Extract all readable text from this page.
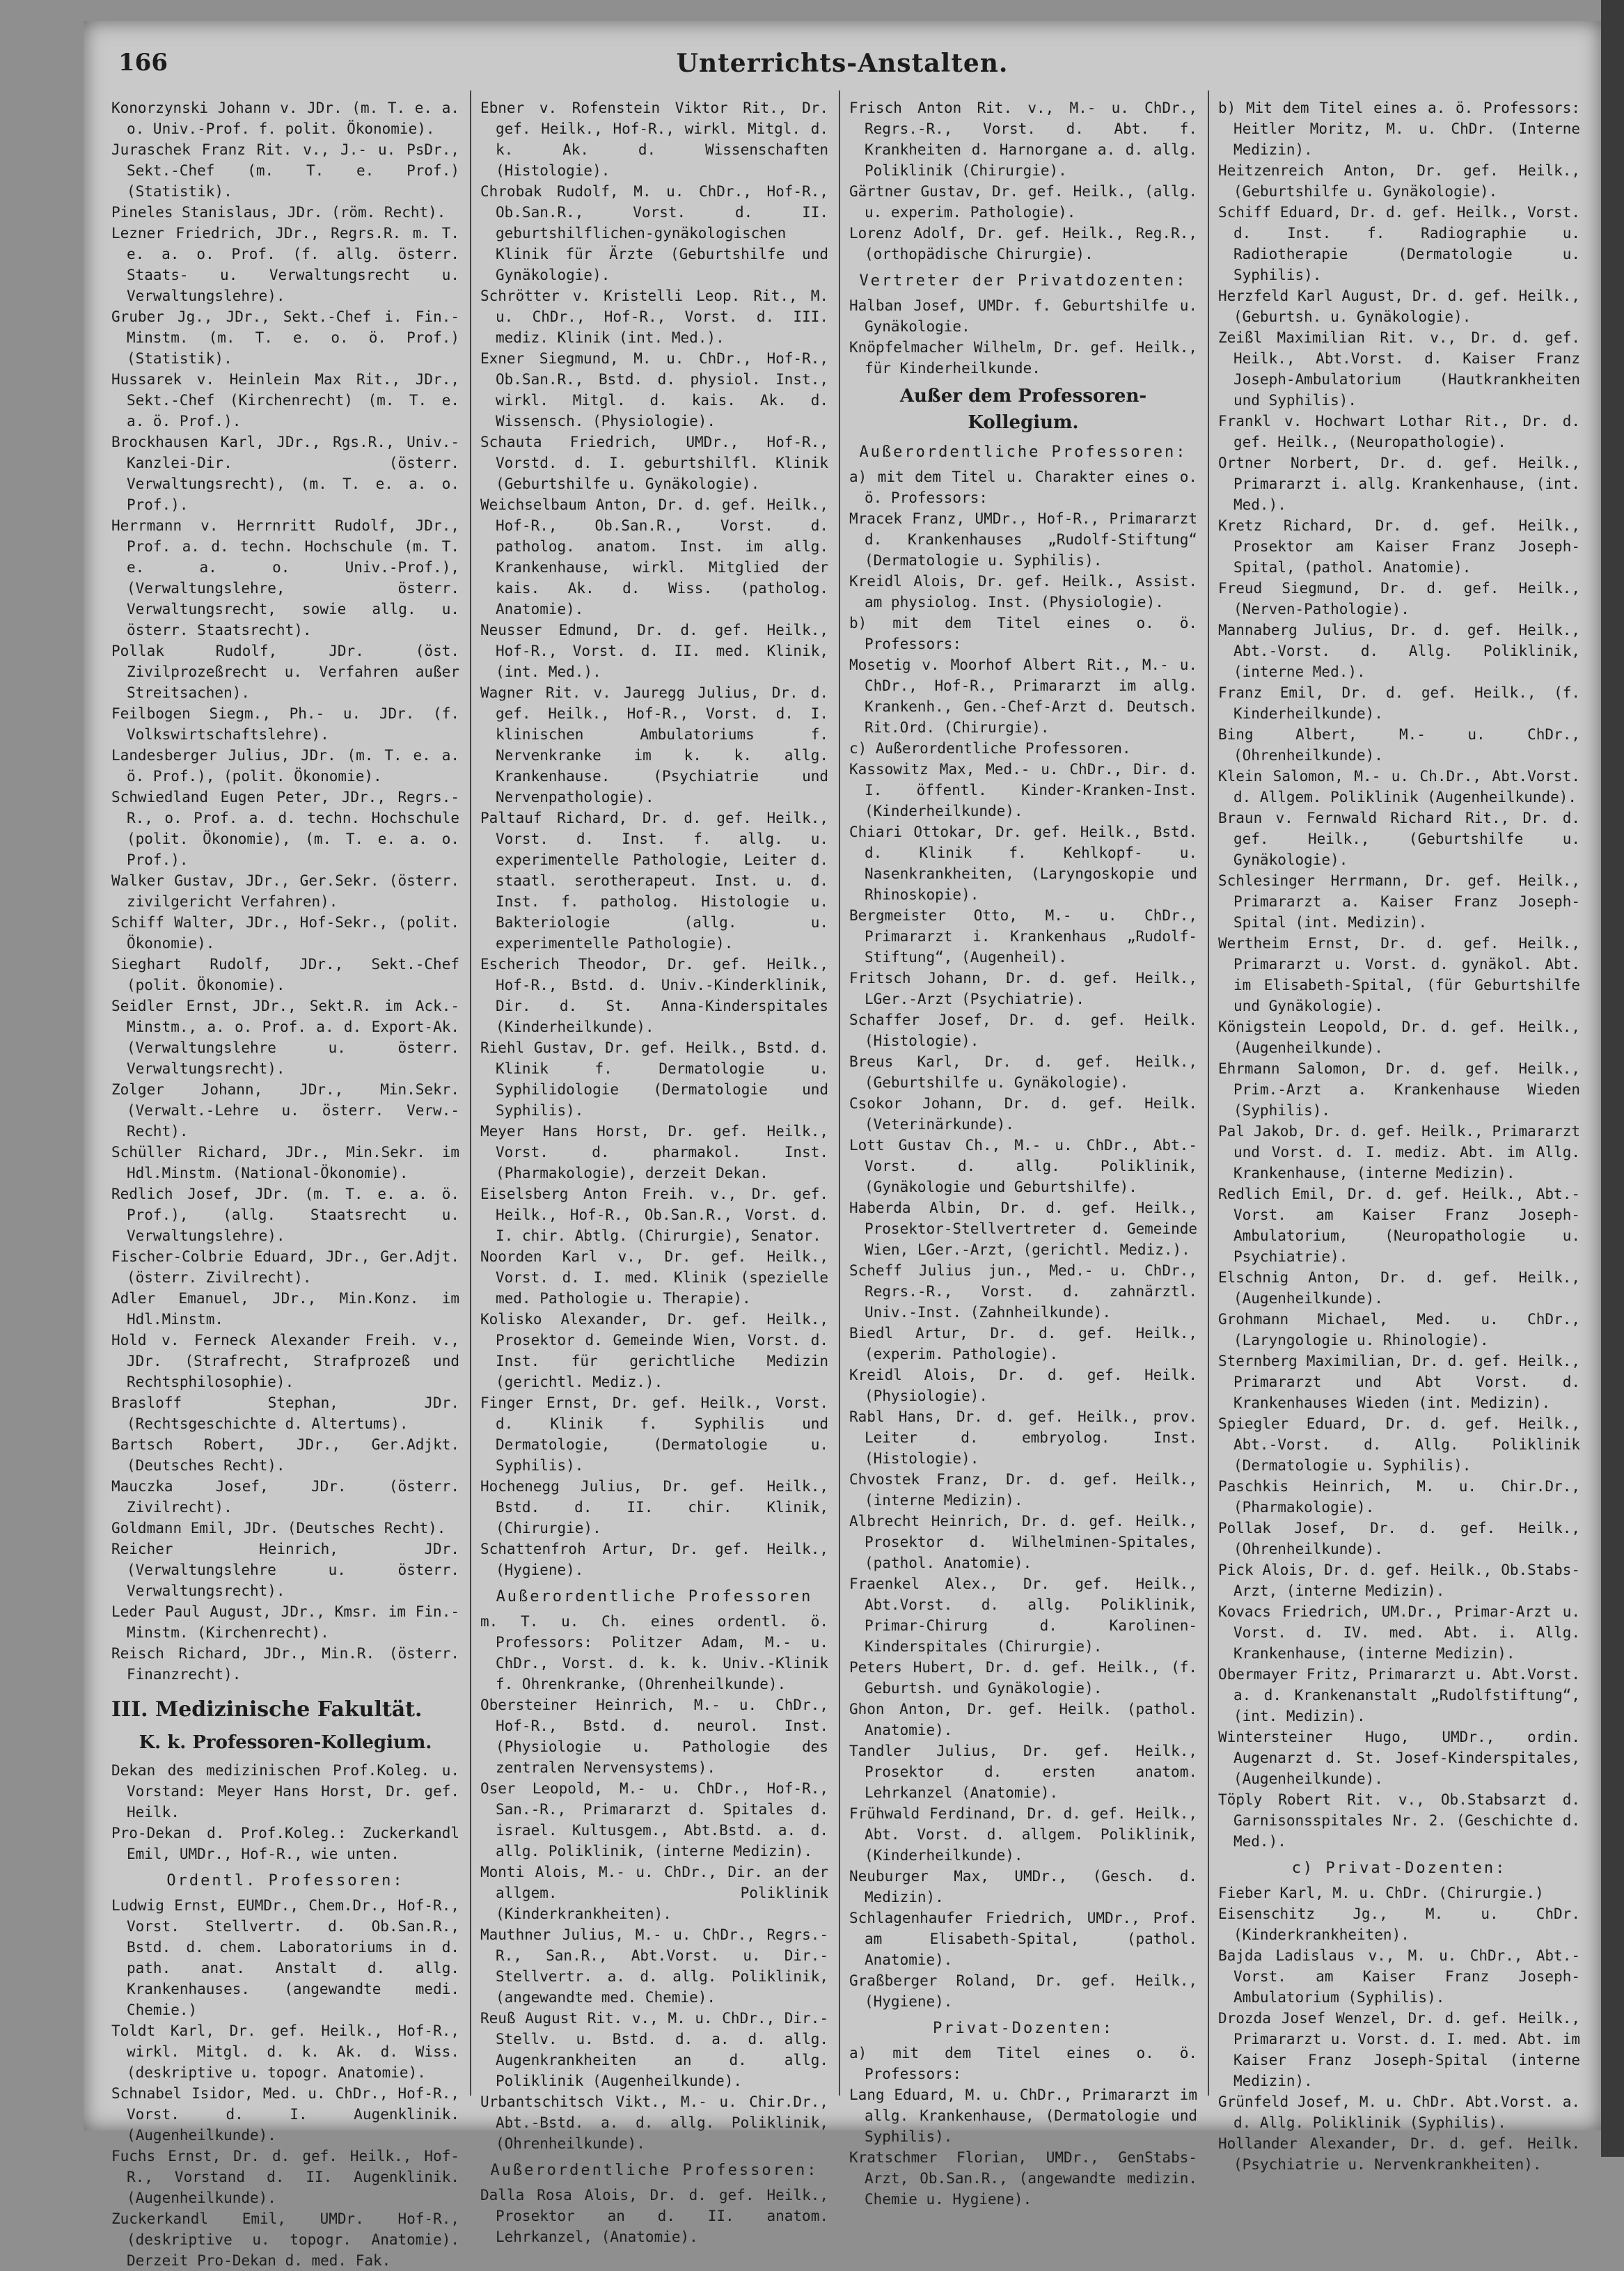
166	Unterrichts-Anstalten.
Konorzynski Johann v. JDr. (m. T. e. a. o. Univ.-Prof. f. polit. Ökonomie).
Juraschek Franz Rit. v., J.- u. PsDr., Sekt.-Chef (m. T. e. Prof.) (Statistik).
Pineles Stanislaus, JDr. (röm. Recht).
Lezner Friedrich, JDr., Regrs.R. m. T. e. a. o. Prof. (f. allg. österr. Staats- u. Verwaltungsrecht u. Verwaltungslehre).
Gruber Jg., JDr., Sekt.-Chef i. Fin.-Minstm. (m. T. e. o. ö. Prof.) (Statistik).
Hussarek v. Heinlein Max Rit., JDr., Sekt.-Chef (Kirchenrecht) (m. T. e. a. ö. Prof.).
Brockhausen Karl, JDr., Rgs.R., Univ.-Kanzlei-Dir. (österr. Verwaltungsrecht), (m. T. e. a. o. Prof.).
Herrmann v. Herrnritt Rudolf, JDr., Prof. a. d. techn. Hochschule (m. T. e. a. o. Univ.-Prof.), (Verwaltungslehre, österr. Verwaltungsrecht, sowie allg. u. österr. Staatsrecht).
Pollak Rudolf, JDr. (öst. Zivilprozeßrecht u. Verfahren außer Streitsachen).
Feilbogen Siegm., Ph.- u. JDr. (f. Volkswirtschaftslehre).
Landesberger Julius, JDr. (m. T. e. a. ö. Prof.), (polit. Ökonomie).
Schwiedland Eugen Peter, JDr., Regrs.-R., o. Prof. a. d. techn. Hochschule (polit. Ökonomie), (m. T. e. a. o. Prof.).
Walker Gustav, JDr., Ger.Sekr. (österr. zivilgericht Verfahren).
Schiff Walter, JDr., Hof-Sekr., (polit. Ökonomie).
Sieghart Rudolf, JDr., Sekt.-Chef (polit. Ökonomie).
Seidler Ernst, JDr., Sekt.R. im Ack.-Minstm., a. o. Prof. a. d. Export-Ak. (Verwaltungslehre u. österr. Verwaltungsrecht).
Zolger Johann, JDr., Min.Sekr. (Verwalt.-Lehre u. österr. Verw.-Recht).
Schüller Richard, JDr., Min.Sekr. im Hdl.Minstm. (National-Ökonomie).
Redlich Josef, JDr. (m. T. e. a. ö. Prof.), (allg. Staatsrecht u. Verwaltungslehre).
Fischer-Colbrie Eduard, JDr., Ger.Adjt. (österr. Zivilrecht).
Adler Emanuel, JDr., Min.Konz. im Hdl.Minstm.
Hold v. Ferneck Alexander Freih. v., JDr. (Strafrecht, Strafprozeß und Rechtsphilosophie).
Brasloff Stephan, JDr. (Rechtsgeschichte d. Altertums).
Bartsch Robert, JDr., Ger.Adjkt. (Deutsches Recht).
Mauczka Josef, JDr. (österr. Zivilrecht).
Goldmann Emil, JDr. (Deutsches Recht).
Reicher Heinrich, JDr. (Verwaltungslehre u. österr. Verwaltungsrecht).
Leder Paul August, JDr., Kmsr. im Fin.-Minstm. (Kirchenrecht).
Reisch Richard, JDr., Min.R. (österr. Finanzrecht).
III. Medizinische Fakultät.
K. k. Professoren-Kollegium.
Dekan des medizinischen Prof.Koleg. u. Vorstand: Meyer Hans Horst, Dr. gef. Heilk.
Pro-Dekan d. Prof.Koleg.: Zuckerkandl Emil, UMDr., Hof-R., wie unten.
Ordentl. Professoren:
Ludwig Ernst, EUMDr., Chem.Dr., Hof-R., Vorst. Stellvertr. d. Ob.San.R., Bstd. d. chem. Laboratoriums in d. path. anat. Anstalt d. allg. Krankenhauses. (angewandte medi. Chemie.)
Toldt Karl, Dr. gef. Heilk., Hof-R., wirkl. Mitgl. d. k. Ak. d. Wiss. (deskriptive u. topogr. Anatomie).
Schnabel Isidor, Med. u. ChDr., Hof-R., Vorst. d. I. Augenklinik. (Augenheilkunde).
Fuchs Ernst, Dr. d. gef. Heilk., Hof-R., Vorstand d. II. Augenklinik. (Augenheilkunde).
Zuckerkandl Emil, UMDr. Hof-R., (deskriptive u. topogr. Anatomie). Derzeit Pro-Dekan d. med. Fak.
Ebner v. Rofenstein Viktor Rit., Dr. gef. Heilk., Hof-R., wirkl. Mitgl. d. k. Ak. d. Wissenschaften (Histologie).
Chrobak Rudolf, M. u. ChDr., Hof-R., Ob.San.R., Vorst. d. II. geburtshilflichen-gynäkologischen Klinik für Ärzte (Geburtshilfe und Gynäkologie).
Schrötter v. Kristelli Leop. Rit., M. u. ChDr., Hof-R., Vorst. d. III. mediz. Klinik (int. Med.).
Exner Siegmund, M. u. ChDr., Hof-R., Ob.San.R., Bstd. d. physiol. Inst., wirkl. Mitgl. d. kais. Ak. d. Wissensch. (Physiologie).
Schauta Friedrich, UMDr., Hof-R., Vorstd. d. I. geburtshilfl. Klinik (Geburtshilfe u. Gynäkologie).
Weichselbaum Anton, Dr. d. gef. Heilk., Hof-R., Ob.San.R., Vorst. d. patholog. anatom. Inst. im allg. Krankenhause, wirkl. Mitglied der kais. Ak. d. Wiss. (patholog. Anatomie).
Neusser Edmund, Dr. d. gef. Heilk., Hof-R., Vorst. d. II. med. Klinik, (int. Med.).
Wagner Rit. v. Jauregg Julius, Dr. d. gef. Heilk., Hof-R., Vorst. d. I. klinischen Ambulatoriums f. Nervenkranke im k. k. allg. Krankenhause. (Psychiatrie und Nervenpathologie).
Paltauf Richard, Dr. d. gef. Heilk., Vorst. d. Inst. f. allg. u. experimentelle Pathologie, Leiter d. staatl. serotherapeut. Inst. u. d. Inst. f. patholog. Histologie u. Bakteriologie (allg. u. experimentelle Pathologie).
Escherich Theodor, Dr. gef. Heilk., Hof-R., Bstd. d. Univ.-Kinderklinik, Dir. d. St. Anna-Kinderspitales (Kinderheilkunde).
Riehl Gustav, Dr. gef. Heilk., Bstd. d. Klinik f. Dermatologie u. Syphilidologie (Dermatologie und Syphilis).
Meyer Hans Horst, Dr. gef. Heilk., Vorst. d. pharmakol. Inst. (Pharmakologie), derzeit Dekan.
Eiselsberg Anton Freih. v., Dr. gef. Heilk., Hof-R., Ob.San.R., Vorst. d. I. chir. Abtlg. (Chirurgie), Senator.
Noorden Karl v., Dr. gef. Heilk., Vorst. d. I. med. Klinik (spezielle med. Pathologie u. Therapie).
Kolisko Alexander, Dr. gef. Heilk., Prosektor d. Gemeinde Wien, Vorst. d. Inst. für gerichtliche Medizin (gerichtl. Mediz.).
Finger Ernst, Dr. gef. Heilk., Vorst. d. Klinik f. Syphilis und Dermatologie, (Dermatologie u. Syphilis).
Hochenegg Julius, Dr. gef. Heilk., Bstd. d. II. chir. Klinik, (Chirurgie).
Schattenfroh Artur, Dr. gef. Heilk., (Hygiene).
Außerordentliche Professoren
m. T. u. Ch. eines ordentl. ö. Professors: Politzer Adam, M.- u. ChDr., Vorst. d. k. k. Univ.-Klinik f. Ohrenkranke, (Ohrenheilkunde).
Obersteiner Heinrich, M.- u. ChDr., Hof-R., Bstd. d. neurol. Inst. (Physiologie u. Pathologie des zentralen Nervensystems).
Oser Leopold, M.- u. ChDr., Hof-R., San.-R., Primararzt d. Spitales d. israel. Kultusgem., Abt.Bstd. a. d. allg. Poliklinik, (interne Medizin).
Monti Alois, M.- u. ChDr., Dir. an der allgem. Poliklinik (Kinderkrankheiten).
Mauthner Julius, M.- u. ChDr., Regrs.-R., San.R., Abt.Vorst. u. Dir.-Stellvertr. a. d. allg. Poliklinik, (angewandte med. Chemie).
Reuß August Rit. v., M. u. ChDr., Dir.-Stellv. u. Bstd. d. a. d. allg. Augenkrankheiten an d. allg. Poliklinik (Augenheilkunde).
Urbantschitsch Vikt., M.- u. Chir.Dr., Abt.-Bstd. a. d. allg. Poliklinik, (Ohrenheilkunde).
Außerordentliche Professoren:
Dalla Rosa Alois, Dr. d. gef. Heilk., Prosektor an d. II. anatom. Lehrkanzel, (Anatomie).
Frisch Anton Rit. v., M.- u. ChDr., Regrs.-R., Vorst. d. Abt. f. Krankheiten d. Harnorgane a. d. allg. Poliklinik (Chirurgie).
Gärtner Gustav, Dr. gef. Heilk., (allg. u. experim. Pathologie).
Lorenz Adolf, Dr. gef. Heilk., Reg.R., (orthopädische Chirurgie).
Vertreter der Privatdozenten:
Halban Josef, UMDr. f. Geburtshilfe u. Gynäkologie.
Knöpfelmacher Wilhelm, Dr. gef. Heilk., für Kinderheilkunde.
Außer dem Professoren-Kollegium.
Außerordentliche Professoren:
a) mit dem Titel u. Charakter eines o. ö. Professors:
Mracek Franz, UMDr., Hof-R., Primararzt d. Krankenhauses „Rudolf-Stiftung“ (Dermatologie u. Syphilis).
Kreidl Alois, Dr. gef. Heilk., Assist. am physiolog. Inst. (Physiologie).
b) mit dem Titel eines o. ö. Professors:
Mosetig v. Moorhof Albert Rit., M.- u. ChDr., Hof-R., Primararzt im allg. Krankenh., Gen.-Chef-Arzt d. Deutsch. Rit.Ord. (Chirurgie).
c) Außerordentliche Professoren.
Kassowitz Max, Med.- u. ChDr., Dir. d. I. öffentl. Kinder-Kranken-Inst. (Kinderheilkunde).
Chiari Ottokar, Dr. gef. Heilk., Bstd. d. Klinik f. Kehlkopf- u. Nasenkrankheiten, (Laryngoskopie und Rhinoskopie).
Bergmeister Otto, M.- u. ChDr., Primararzt i. Krankenhaus „Rudolf-Stiftung“, (Augenheil).
Fritsch Johann, Dr. d. gef. Heilk., LGer.-Arzt (Psychiatrie).
Schaffer Josef, Dr. d. gef. Heilk. (Histologie).
Breus Karl, Dr. d. gef. Heilk., (Geburtshilfe u. Gynäkologie).
Csokor Johann, Dr. d. gef. Heilk. (Veterinärkunde).
Lott Gustav Ch., M.- u. ChDr., Abt.-Vorst. d. allg. Poliklinik, (Gynäkologie und Geburtshilfe).
Haberda Albin, Dr. d. gef. Heilk., Prosektor-Stellvertreter d. Gemeinde Wien, LGer.-Arzt, (gerichtl. Mediz.).
Scheff Julius jun., Med.- u. ChDr., Regrs.-R., Vorst. d. zahnärztl. Univ.-Inst. (Zahnheilkunde).
Biedl Artur, Dr. d. gef. Heilk., (experim. Pathologie).
Kreidl Alois, Dr. d. gef. Heilk. (Physiologie).
Rabl Hans, Dr. d. gef. Heilk., prov. Leiter d. embryolog. Inst. (Histologie).
Chvostek Franz, Dr. d. gef. Heilk., (interne Medizin).
Albrecht Heinrich, Dr. d. gef. Heilk., Prosektor d. Wilhelminen-Spitales, (pathol. Anatomie).
Fraenkel Alex., Dr. gef. Heilk., Abt.Vorst. d. allg. Poliklinik, Primar-Chirurg d. Karolinen-Kinderspitales (Chirurgie).
Peters Hubert, Dr. d. gef. Heilk., (f. Geburtsh. und Gynäkologie).
Ghon Anton, Dr. gef. Heilk. (pathol. Anatomie).
Tandler Julius, Dr. gef. Heilk., Prosektor d. ersten anatom. Lehrkanzel (Anatomie).
Frühwald Ferdinand, Dr. d. gef. Heilk., Abt. Vorst. d. allgem. Poliklinik, (Kinderheilkunde).
Neuburger Max, UMDr., (Gesch. d. Medizin).
Schlagenhaufer Friedrich, UMDr., Prof. am Elisabeth-Spital, (pathol. Anatomie).
Graßberger Roland, Dr. gef. Heilk., (Hygiene).
Privat-Dozenten:
a) mit dem Titel eines o. ö. Professors:
Lang Eduard, M. u. ChDr., Primararzt im allg. Krankenhause, (Dermatologie und Syphilis).
Kratschmer Florian, UMDr., GenStabs-Arzt, Ob.San.R., (angewandte medizin. Chemie u. Hygiene).
b) Mit dem Titel eines a. ö. Professors: Heitler Moritz, M. u. ChDr. (Interne Medizin).
Heitzenreich Anton, Dr. gef. Heilk., (Geburtshilfe u. Gynäkologie).
Schiff Eduard, Dr. d. gef. Heilk., Vorst. d. Inst. f. Radiographie u. Radiotherapie (Dermatologie u. Syphilis).
Herzfeld Karl August, Dr. d. gef. Heilk., (Geburtsh. u. Gynäkologie).
Zeißl Maximilian Rit. v., Dr. d. gef. Heilk., Abt.Vorst. d. Kaiser Franz Joseph-Ambulatorium (Hautkrankheiten und Syphilis).
Frankl v. Hochwart Lothar Rit., Dr. d. gef. Heilk., (Neuropathologie).
Ortner Norbert, Dr. d. gef. Heilk., Primararzt i. allg. Krankenhause, (int. Med.).
Kretz Richard, Dr. d. gef. Heilk., Prosektor am Kaiser Franz Joseph-Spital, (pathol. Anatomie).
Freud Siegmund, Dr. d. gef. Heilk., (Nerven-Pathologie).
Mannaberg Julius, Dr. d. gef. Heilk., Abt.-Vorst. d. Allg. Poliklinik, (interne Med.).
Franz Emil, Dr. d. gef. Heilk., (f. Kinderheilkunde).
Bing Albert, M.- u. ChDr., (Ohrenheilkunde).
Klein Salomon, M.- u. Ch.Dr., Abt.Vorst. d. Allgem. Poliklinik (Augenheilkunde).
Braun v. Fernwald Richard Rit., Dr. d. gef. Heilk., (Geburtshilfe u. Gynäkologie).
Schlesinger Herrmann, Dr. gef. Heilk., Primararzt a. Kaiser Franz Joseph-Spital (int. Medizin).
Wertheim Ernst, Dr. d. gef. Heilk., Primararzt u. Vorst. d. gynäkol. Abt. im Elisabeth-Spital, (für Geburtshilfe und Gynäkologie).
Königstein Leopold, Dr. d. gef. Heilk., (Augenheilkunde).
Ehrmann Salomon, Dr. d. gef. Heilk., Prim.-Arzt a. Krankenhause Wieden (Syphilis).
Pal Jakob, Dr. d. gef. Heilk., Primararzt und Vorst. d. I. mediz. Abt. im Allg. Krankenhause, (interne Medizin).
Redlich Emil, Dr. d. gef. Heilk., Abt.-Vorst. am Kaiser Franz Joseph-Ambulatorium, (Neuropathologie u. Psychiatrie).
Elschnig Anton, Dr. d. gef. Heilk., (Augenheilkunde).
Grohmann Michael, Med. u. ChDr., (Laryngologie u. Rhinologie).
Sternberg Maximilian, Dr. d. gef. Heilk., Primararzt und Abt Vorst. d. Krankenhauses Wieden (int. Medizin).
Spiegler Eduard, Dr. d. gef. Heilk., Abt.-Vorst. d. Allg. Poliklinik (Dermatologie u. Syphilis).
Paschkis Heinrich, M. u. Chir.Dr., (Pharmakologie).
Pollak Josef, Dr. d. gef. Heilk., (Ohrenheilkunde).
Pick Alois, Dr. d. gef. Heilk., Ob.Stabs-Arzt, (interne Medizin).
Kovacs Friedrich, UM.Dr., Primar-Arzt u. Vorst. d. IV. med. Abt. i. Allg. Krankenhause, (interne Medizin).
Obermayer Fritz, Primararzt u. Abt.Vorst. a. d. Krankenanstalt „Rudolfstiftung“, (int. Medizin).
Wintersteiner Hugo, UMDr., ordin. Augenarzt d. St. Josef-Kinderspitales, (Augenheilkunde).
Töply Robert Rit. v., Ob.Stabsarzt d. Garnisonsspitales Nr. 2. (Geschichte d. Med.).
c) Privat-Dozenten:
Fieber Karl, M. u. ChDr. (Chirurgie.)
Eisenschitz Jg., M. u. ChDr. (Kinderkrankheiten).
Bajda Ladislaus v., M. u. ChDr., Abt.-Vorst. am Kaiser Franz Joseph-Ambulatorium (Syphilis).
Drozda Josef Wenzel, Dr. d. gef. Heilk., Primararzt u. Vorst. d. I. med. Abt. im Kaiser Franz Joseph-Spital (interne Medizin).
Grünfeld Josef, M. u. ChDr. Abt.Vorst. a. d. Allg. Poliklinik (Syphilis).
Hollander Alexander, Dr. d. gef. Heilk. (Psychiatrie u. Nervenkrankheiten).
